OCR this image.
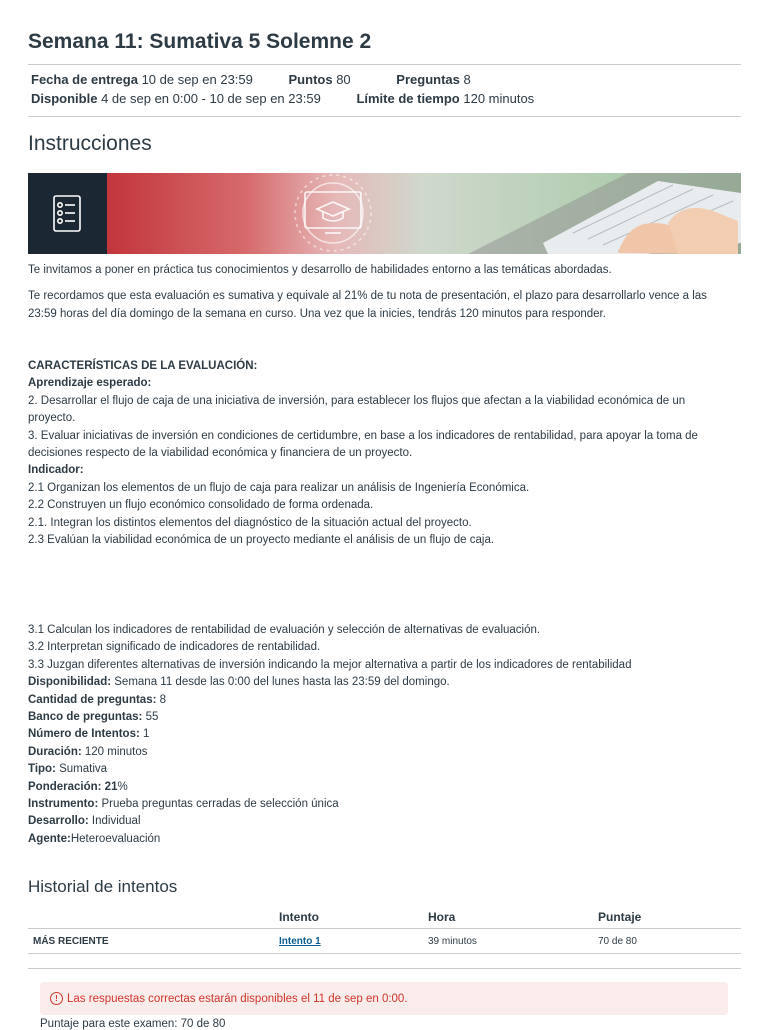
Semana 11: Sumativa 5 Solemne 2
Fecha de entrega 10 de sep en 23:59	Puntos 80	Preguntas 8
Disponible 4 de sep en 0:00 - 10 de sep en 23:59	Límite de tiempo 120 minutos
Instrucciones

Te invitamos a poner en práctica tus conocimientos y desarrollo de habilidades entorno a las temáticas abordadas.

Te recordamos que esta evaluación es sumativa y equivale al 21% de tu nota de presentación, el plazo para desarrollarlo vence a las 23:59 horas del día domingo de la semana en curso. Una vez que la inicies, tendrás 120 minutos para responder.

CARACTERÍSTICAS DE LA EVALUACIÓN:
Aprendizaje esperado:
2. Desarrollar el flujo de caja de una iniciativa de inversión, para establecer los flujos que afectan a la viabilidad económica de un
proyecto.
3. Evaluar iniciativas de inversión en condiciones de certidumbre, en base a los indicadores de rentabilidad, para apoyar la toma de
decisiones respecto de la viabilidad económica y financiera de un proyecto.
Indicador:
2.1 Organizan los elementos de un flujo de caja para realizar un análisis de Ingeniería Económica.
2.2 Construyen un flujo económico consolidado de forma ordenada.
2.1. Integran los distintos elementos del diagnóstico de la situación actual del proyecto.
2.3 Evalúan la viabilidad económica de un proyecto mediante el análisis de un flujo de caja.
3.1 Calculan los indicadores de rentabilidad de evaluación y selección de alternativas de evaluación.
3.2 Interpretan significado de indicadores de rentabilidad.
3.3 Juzgan diferentes alternativas de inversión indicando la mejor alternativa a partir de los indicadores de rentabilidad
Disponibilidad: Semana 11 desde las 0:00 del lunes hasta las 23:59 del domingo.
Cantidad de preguntas: 8
Banco de preguntas: 55
Número de Intentos: 1
Duración: 120 minutos
Tipo: Sumativa
Ponderación: 21%
Instrumento: Prueba preguntas cerradas de selección única
Desarrollo: Individual
Agente:Heteroevaluación
Historial de intentos
	Intento	Hora	Puntaje
MÁS RECIENTE	Intento 1	39 minutos	70 de 80
! Las respuestas correctas estarán disponibles el 11 de sep en 0:00.
Puntaje para este examen: 70 de 80
